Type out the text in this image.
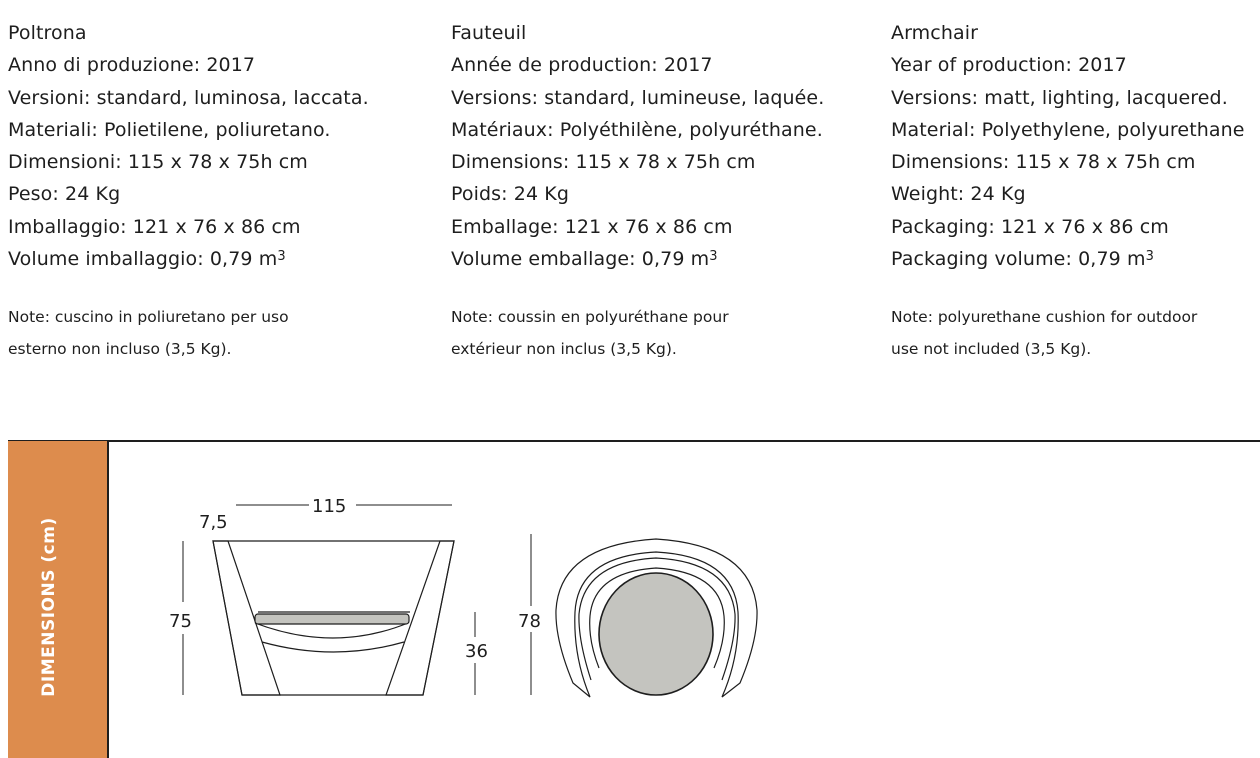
Poltrona
Anno di produzione: 2017
Versioni: standard, luminosa, laccata.
Materiali: Polietilene, poliuretano.
Dimensioni: 115 x 78 x 75h cm
Peso: 24 Kg
Imballaggio: 121 x 76 x 86 cm
Volume imballaggio: 0,79 $m^3$
Note: cuscino in poliuretano per uso
esterno non incluso (3,5 Kg).
Fauteuil
Année de production: 2017
Versions: standard, lumineuse, laquée.
Matériaux: Polyéthilène, polyuréthane.
Dimensions: 115 x 78 x 75h cm
Poids: 24 Kg
Emballage: 121 x 76 x 86 cm
Volume emballage: 0,79 $m^3$
Note: coussin en polyuréthane pour
extérieur non inclus (3,5 Kg).
Armchair
Year of production: 2017
Versions: matt, lighting, lacquered.
Material: Polyethylene, polyurethane
Dimensions: 115 x 78 x 75h cm
Weight: 24 Kg
Packaging: 121 x 76 x 86 cm
Packaging volume: 0,79 $m^3$
Note: polyurethane cushion for outdoor
use not included (3,5 Kg).
DIMENSIONS (cm)
115
7,5
75
36
78
